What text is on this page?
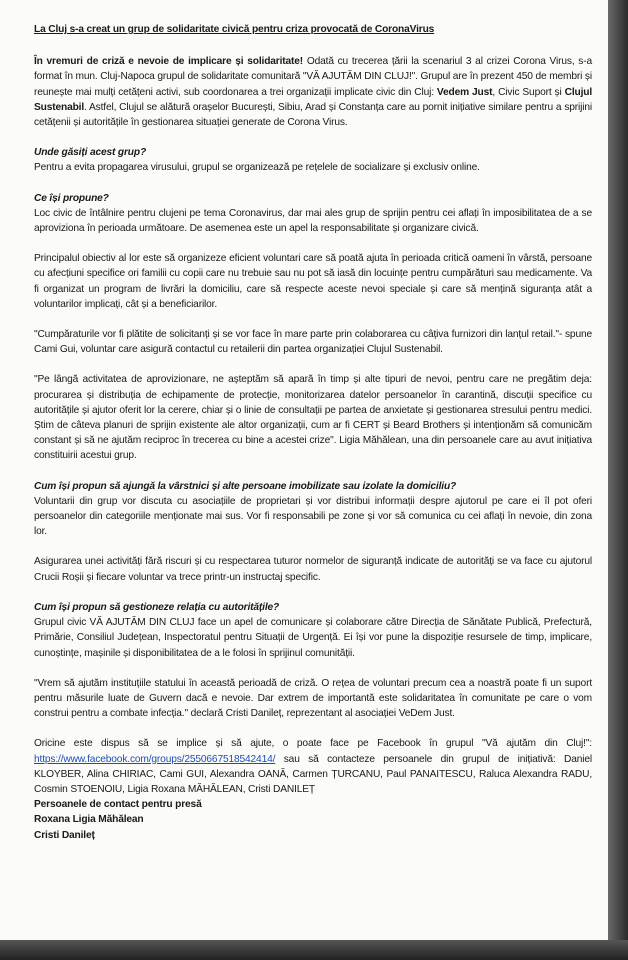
La Cluj s-a creat un grup de solidaritate civică pentru criza provocată de CoronaVirus

În vremuri de criză e nevoie de implicare și solidaritate! Odată cu trecerea țării la scenariul 3 al crizei Corona Virus, s-a format în mun. Cluj-Napoca grupul de solidaritate comunitară "VĂ AJUTĂM DIN CLUJ!". Grupul are în prezent 450 de membri și reunește mai mulți cetățeni activi, sub coordonarea a trei organizații implicate civic din Cluj: Vedem Just, Civic Suport și Clujul Sustenabil. Astfel, Clujul se alătură orașelor București, Sibiu, Arad și Constanța care au pornit inițiative similare pentru a sprijini cetățenii și autoritățile în gestionarea situației generate de Corona Virus.

Unde găsiți acest grup?

Pentru a evita propagarea virusului, grupul se organizează pe rețelele de socializare și exclusiv online.

Ce își propune?

Loc civic de întâlnire pentru clujeni pe tema Coronavirus, dar mai ales grup de sprijin pentru cei aflați în imposibilitatea de a se aproviziona în perioada următoare. De asemenea este un apel la responsabilitate și organizare civică.

Principalul obiectiv al lor este să organizeze eficient voluntari care să poată ajuta în perioada critică oameni în vârstă, persoane cu afecțiuni specifice ori familii cu copii care nu trebuie sau nu pot să iasă din locuințe pentru cumpărături sau medicamente. Va fi organizat un program de livrări la domiciliu, care să respecte aceste nevoi speciale și care să mențină siguranța atât a voluntarilor implicați, cât și a beneficiarilor.

"Cumpăraturile vor fi plătite de solicitanți și se vor face în mare parte prin colaborarea cu câțiva furnizori din lanțul retail."- spune Cami Gui, voluntar care asigură contactul cu retailerii din partea organizației Clujul Sustenabil.

"Pe lângă activitatea de aprovizionare, ne așteptăm să apară în timp și alte tipuri de nevoi, pentru care ne pregătim deja: procurarea și distribuția de echipamente de protecție, monitorizarea datelor persoanelor în carantină, discuții specifice cu autoritățile și ajutor oferit lor la cerere, chiar și o linie de consultații pe partea de anxietate și gestionarea stresului pentru medici. Știm de câteva planuri de sprijin existente ale altor organizații, cum ar fi CERT și Beard Brothers și intenționăm să comunicăm constant și să ne ajutăm reciproc în trecerea cu bine a acestei crize". Ligia Măhălean, una din persoanele care au avut inițiativa constituirii acestui grup.

Cum își propun să ajungă la vârstnici și alte persoane imobilizate sau izolate la domiciliu?

Voluntarii din grup vor discuta cu asociațiile de proprietari și vor distribui informații despre ajutorul pe care ei îl pot oferi persoanelor din categoriile menționate mai sus. Vor fi responsabili pe zone și vor să comunica cu cei aflați în nevoie, din zona lor.

Asigurarea unei activități fără riscuri și cu respectarea tuturor normelor de siguranță indicate de autorități se va face cu ajutorul Crucii Roșii și fiecare voluntar va trece printr-un instructaj specific.

Cum își propun să gestioneze relația cu autoritățile?

Grupul civic VĂ AJUTĂM DIN CLUJ face un apel de comunicare și colaborare către Direcția de Sănătate Publică, Prefectură, Primărie, Consiliul Județean, Inspectoratul pentru Situații de Urgență. Ei își vor pune la dispoziție resursele de timp, implicare, cunoștințe, mașinile și disponibilitatea de a le folosi în sprijinul comunității.

"Vrem să ajutăm instituțiile statului în această perioadă de criză. O rețea de voluntari precum cea a noastră poate fi un suport pentru măsurile luate de Guvern dacă e nevoie. Dar extrem de importantă este solidaritatea în comunitate pe care o vom construi pentru a combate infecția." declară Cristi Danileț, reprezentant al asociației VeDem Just.

Oricine este dispus să se implice și să ajute, o poate face pe Facebook în grupul "Vă ajutăm din Cluj!": https://www.facebook.com/groups/2550667518542414/ sau să contacteze persoanele din grupul de inițiativă: Daniel KLOYBER, Alina CHIRIAC, Cami GUI, Alexandra OANĂ, Carmen ȚURCANU, Paul PANAITESCU, Raluca Alexandra RADU, Cosmin STOENOIU, Ligia Roxana MĂHĂLEAN, Cristi DANILEȚ

Persoanele de contact pentru presă
Roxana Ligia Măhălean
Cristi Danileț
